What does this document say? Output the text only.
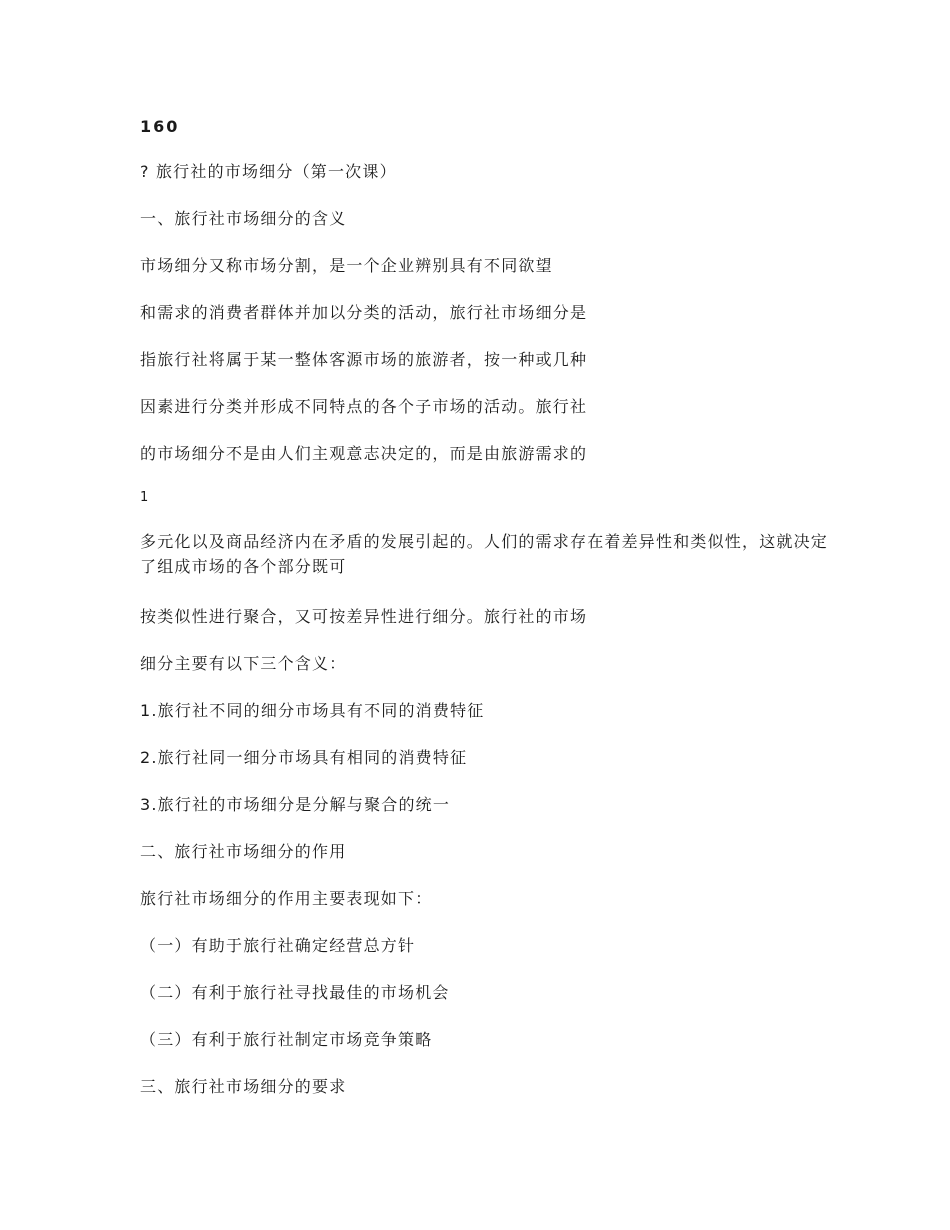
160
? 旅行社的市场细分（第一次课）
一、旅行社市场细分的含义
市场细分又称市场分割，是一个企业辨别具有不同欲望
和需求的消费者群体并加以分类的活动，旅行社市场细分是
指旅行社将属于某一整体客源市场的旅游者，按一种或几种
因素进行分类并形成不同特点的各个子市场的活动。旅行社
的市场细分不是由人们主观意志决定的，而是由旅游需求的
1
多元化以及商品经济内在矛盾的发展引起的。人们的需求存在着差异性和类似性，这就决定了组成市场的各个部分既可
按类似性进行聚合，又可按差异性进行细分。旅行社的市场
细分主要有以下三个含义：
1.旅行社不同的细分市场具有不同的消费特征
2.旅行社同一细分市场具有相同的消费特征
3.旅行社的市场细分是分解与聚合的统一
二、旅行社市场细分的作用
旅行社市场细分的作用主要表现如下：
（一）有助于旅行社确定经营总方针
（二）有利于旅行社寻找最佳的市场机会
（三）有利于旅行社制定市场竞争策略
三、旅行社市场细分的要求
